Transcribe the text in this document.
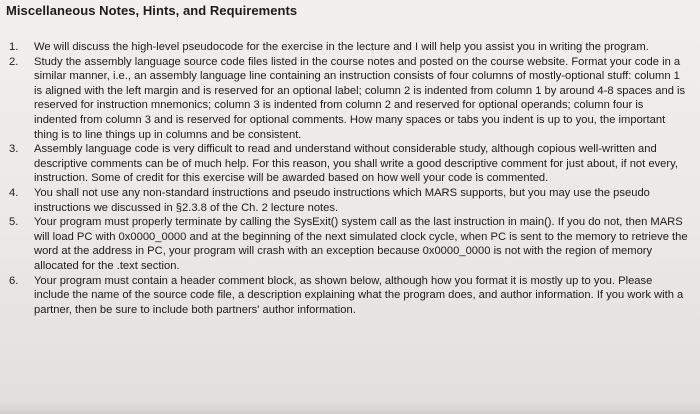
Miscellaneous Notes, Hints, and Requirements
1. We will discuss the high-level pseudocode for the exercise in the lecture and I will help you assist you in writing the program.
2. Study the assembly language source code files listed in the course notes and posted on the course website. Format your code in a similar manner, i.e., an assembly language line containing an instruction consists of four columns of mostly-optional stuff: column 1 is aligned with the left margin and is reserved for an optional label; column 2 is indented from column 1 by around 4-8 spaces and is reserved for instruction mnemonics; column 3 is indented from column 2 and reserved for optional operands; column four is indented from column 3 and is reserved for optional comments. How many spaces or tabs you indent is up to you, the important thing is to line things up in columns and be consistent.
3. Assembly language code is very difficult to read and understand without considerable study, although copious well-written and descriptive comments can be of much help. For this reason, you shall write a good descriptive comment for just about, if not every, instruction. Some of credit for this exercise will be awarded based on how well your code is commented.
4. You shall not use any non-standard instructions and pseudo instructions which MARS supports, but you may use the pseudo instructions we discussed in §2.3.8 of the Ch. 2 lecture notes.
5. Your program must properly terminate by calling the SysExit() system call as the last instruction in main(). If you do not, then MARS will load PC with 0x0000_0000 and at the beginning of the next simulated clock cycle, when PC is sent to the memory to retrieve the word at the address in PC, your program will crash with an exception because 0x0000_0000 is not with the region of memory allocated for the .text section.
6. Your program must contain a header comment block, as shown below, although how you format it is mostly up to you. Please include the name of the source code file, a description explaining what the program does, and author information. If you work with a partner, then be sure to include both partners' author information.
